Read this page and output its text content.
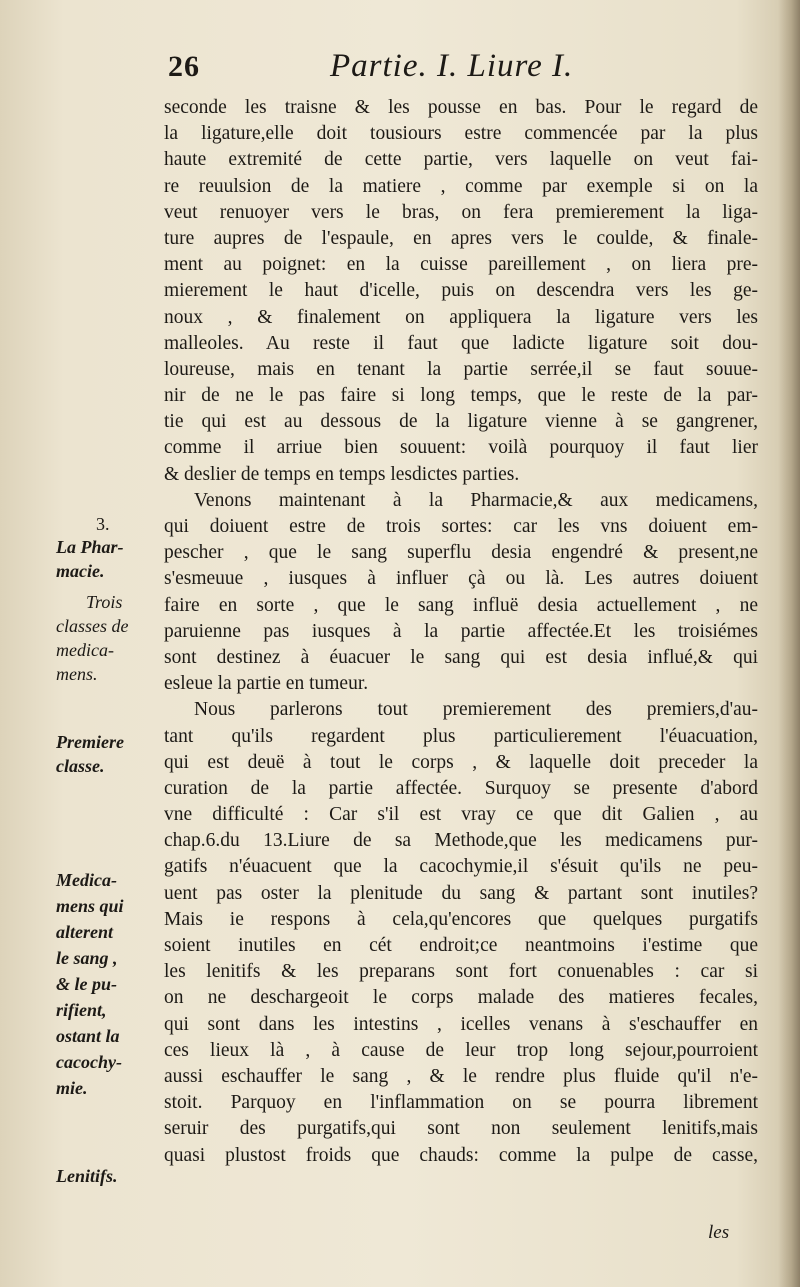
26	Partie. I. Liure I.
seconde les traisne & les pousse en bas. Pour le regard de
la ligature,elle doit tousiours estre commencée par la plus
haute extremité de cette partie, vers laquelle on veut fai-
re reuulsion de la matiere , comme par exemple si on la
veut renuoyer vers le bras, on fera premierement la liga-
ture aupres de l'espaule, en apres vers le coulde, & finale-
ment au poignet: en la cuisse pareillement , on liera pre-
mierement le haut d'icelle, puis on descendra vers les ge-
noux , & finalement on appliquera la ligature vers les
malleoles. Au reste il faut que ladicte ligature soit dou-
loureuse, mais en tenant la partie serrée,il se faut souue-
nir de ne le pas faire si long temps, que le reste de la par-
tie qui est au dessous de la ligature vienne à se gangrener,
comme il arriue bien souuent: voilà pourquoy il faut lier
& deslier de temps en temps lesdictes parties.
Venons maintenant à la Pharmacie,& aux medicamens,
qui doiuent estre de trois sortes: car les vns doiuent em-
pescher , que le sang superflu desia engendré & present,ne
s'esmeuue , iusques à influer çà ou là. Les autres doiuent
faire en sorte , que le sang influë desia actuellement , ne
paruienne pas iusques à la partie affectée.Et les troisiémes
sont destinez à éuacuer le sang qui est desia influé,& qui
esleue la partie en tumeur.
Nous parlerons tout premierement des premiers,d'au-
tant qu'ils regardent plus particulierement l'éuacuation,
qui est deuë à tout le corps , & laquelle doit preceder la
curation de la partie affectée. Surquoy se presente d'abord
vne difficulté : Car s'il est vray ce que dit Galien , au
chap.6.du 13.Liure de sa Methode,que les medicamens pur-
gatifs n'éuacuent que la cacochymie,il s'ésuit qu'ils ne peu-
uent pas oster la plenitude du sang & partant sont inutiles?
Mais ie respons à cela,qu'encores que quelques purgatifs
soient inutiles en cét endroit;ce neantmoins i'estime que
les lenitifs & les preparans sont fort conuenables : car si
on ne deschargeoit le corps malade des matieres fecales,
qui sont dans les intestins , icelles venans à s'eschauffer en
ces lieux là , à cause de leur trop long sejour,pourroient
aussi eschauffer le sang , & le rendre plus fluide qu'il n'e-
stoit. Parquoy en l'inflammation on se pourra librement
seruir des purgatifs,qui sont non seulement lenitifs,mais
quasi plustost froids que chauds: comme la pulpe de casse,
3.
La Phar-
macie.
Trois
classes de
medica-
mens.
Premiere
classe.
Medica-
mens qui
alterent
le sang ,
& le pu-
rifient,
ostant la
cacochy-
mie.
Lenitifs.
les
